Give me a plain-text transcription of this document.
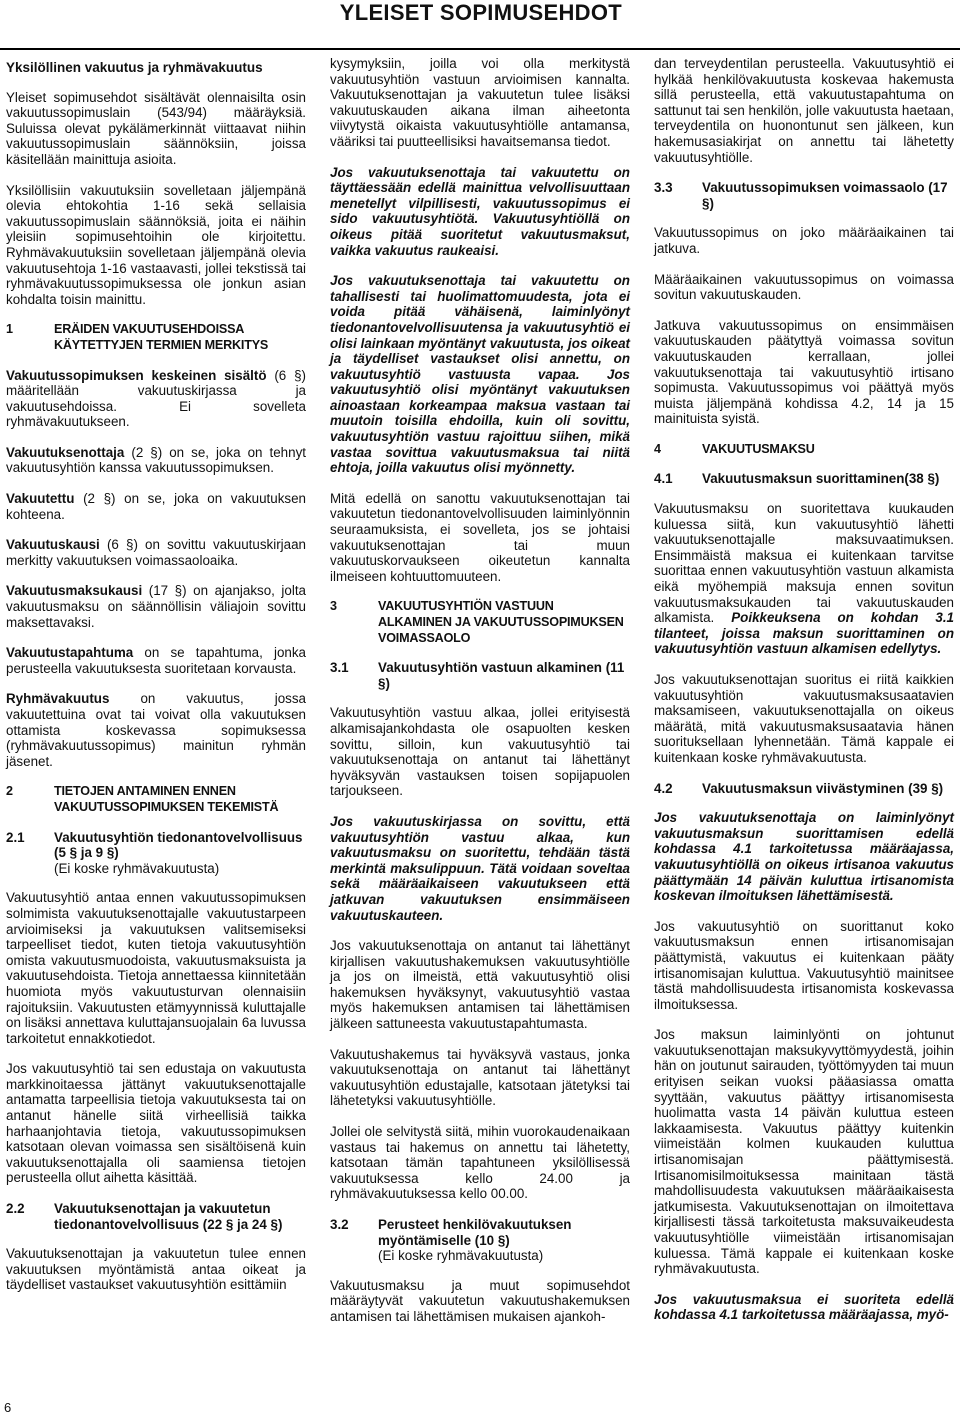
YLEISET SOPIMUSEHDOT
Yksilöllinen vakuutus ja ryhmävakuutus

Yleiset sopimusehdot sisältävät olennaisilta osin vakuutussopimuslain (543/94) määräyksiä. Suluissa olevat pykälämerkinnät viittaavat niihin vakuutussopimuslain säännöksiin, joissa käsitellään mainittuja asioita.

Yksilöllisiin vakuutuksiin sovelletaan jäljempänä olevia ehtokohtia 1-16 sekä sellaisia vakuutussopimuslain säännöksiä, joita ei näihin yleisiin sopimusehtoihin ole kirjoitettu. Ryhmävakuutuksiin sovelletaan jäljempänä olevia vakuutusehtoja 1-16 vastaavasti, jollei tekstissä tai ryhmävakuutussopimuksessa ole jonkun asian kohdalta toisin mainittu.

1	ERÄIDEN VAKUUTUSEHDOISSA KÄYTETTYJEN TERMIEN MERKITYS

Vakuutussopimuksen keskeinen sisältö (6 §) määritellään vakuutuskirjassa ja vakuutusehdoissa. Ei sovelleta ryhmävakuutukseen.

Vakuutuksenottaja (2 §) on se, joka on tehnyt vakuutusyhtiön kanssa vakuutussopimuksen.

Vakuutettu (2 §) on se, joka on vakuutuksen kohteena.

Vakuutuskausi (6 §) on sovittu vakuutuskirjaan merkitty vakuutuksen voimassaoloaika.

Vakuutusmaksukausi (17 §) on ajanjakso, jolta vakuutusmaksu on säännöllisin väliajoin sovittu maksettavaksi.

Vakuutustapahtuma on se tapahtuma, jonka perusteella vakuutuksesta suoritetaan korvausta.

Ryhmävakuutus on vakuutus, jossa vakuutettuina ovat tai voivat olla vakuutuksen ottamista koskevassa sopimuksessa (ryhmävakuutussopimus) mainitun ryhmän jäsenet.

2	TIETOJEN ANTAMINEN ENNEN VAKUUTUSSOPIMUKSEN TEKEMISTÄ
2.1	Vakuutusyhtiön tiedonantovelvollisuus (5 § ja 9 §)
(Ei koske ryhmävakuutusta)

Vakuutusyhtiö antaa ennen vakuutussopimuksen solmimista vakuutuksenottajalle vakuutustarpeen arvioimiseksi ja vakuutuksen valitsemiseksi tarpeelliset tiedot, kuten tietoja vakuutusyhtiön omista vakuutusmuodoista, vakuutusmaksuista ja vakuutusehdoista. Tietoja annettaessa kiinnitetään huomiota myös vakuutusturvan olennaisiin rajoituksiin. Vakuutusten etämyynnissä kuluttajalle on lisäksi annettava kuluttajansuojalain 6a luvussa tarkoitetut ennakkotiedot.

Jos vakuutusyhtiö tai sen edustaja on vakuutusta markkinoitaessa jättänyt vakuutuksenottajalle antamatta tarpeellisia tietoja vakuutuksesta tai on antanut hänelle siitä virheellisiä taikka harhaanjohtavia tietoja, vakuutussopimuksen katsotaan olevan voimassa sen sisältöisenä kuin vakuutuksenottajalla oli saamiensa tietojen perusteella ollut aihetta käsittää.

2.2	Vakuutuksenottajan ja vakuutetun tiedonantovelvollisuus (22 § ja 24 §)

Vakuutuksenottajan ja vakuutetun tulee ennen vakuutuksen myöntämistä antaa oikeat ja täydelliset vastaukset vakuutusyhtiön esittämiin

kysymyksiin, joilla voi olla merkitystä vakuutusyhtiön vastuun arvioimisen kannalta. Vakuutuksenottajan ja vakuutetun tulee lisäksi vakuutuskauden aikana ilman aiheetonta viivytystä oikaista vakuutusyhtiölle antamansa, vääriksi tai puutteellisiksi havaitsemansa tiedot.

Jos vakuutuksenottaja tai vakuutettu on täyttäessään edellä mainittua velvollisuuttaan menetellyt vilpillisesti, vakuutussopimus ei sido vakuutusyhtiötä. Vakuutusyhtiöllä on oikeus pitää suoritetut vakuutusmaksut, vaikka vakuutus raukeaisi.

Jos vakuutuksenottaja tai vakuutettu on tahallisesti tai huolimattomuudesta, jota ei voida pitää vähäisenä, laiminlyönyt tiedonantovelvollisuutensa ja vakuutusyhtiö ei olisi lainkaan myöntänyt vakuutusta, jos oikeat ja täydelliset vastaukset olisi annettu, on vakuutusyhtiö vastuusta vapaa. Jos vakuutusyhtiö olisi myöntänyt vakuutuksen ainoastaan korkeampaa maksua vastaan tai muutoin toisilla ehdoilla, kuin oli sovittu, vakuutusyhtiön vastuu rajoittuu siihen, mikä vastaa sovittua vakuutusmaksua tai niitä ehtoja, joilla vakuutus olisi myönnetty.

Mitä edellä on sanottu vakuutuksenottajan tai vakuutetun tiedonantovelvollisuuden laiminlyönnin seuraamuksista, ei sovelleta, jos se johtaisi vakuutuksenottajan tai muun vakuutuskorvaukseen oikeutetun kannalta ilmeiseen kohtuuttomuuteen.

3	VAKUUTUSYHTIÖN VASTUUN ALKAMINEN JA VAKUUTUSSOPIMUKSEN VOIMASSAOLO
3.1	Vakuutusyhtiön vastuun alkaminen (11 §)

Vakuutusyhtiön vastuu alkaa, jollei erityisestä alkamisajankohdasta ole osapuolten kesken sovittu, silloin, kun vakuutusyhtiö tai vakuutuksenottaja on antanut tai lähettänyt hyväksyvän vastauksen toisen sopijapuolen tarjoukseen.

Jos vakuutuskirjassa on sovittu, että vakuutusyhtiön vastuu alkaa, kun vakuutusmaksu on suoritettu, tehdään tästä merkintä maksulippuun. Tätä voidaan soveltaa sekä määräaikaiseen vakuutukseen että jatkuvan vakuutuksen ensimmäiseen vakuutuskauteen.

Jos vakuutuksenottaja on antanut tai lähettänyt kirjallisen vakuutushakemuksen vakuutusyhtiölle ja jos on ilmeistä, että vakuutusyhtiö olisi hakemuksen hyväksynyt, vakuutusyhtiö vastaa myös hakemuksen antamisen tai lähettämisen jälkeen sattuneesta vakuutustapahtumasta.

Vakuutushakemus tai hyväksyvä vastaus, jonka vakuutuksenottaja on antanut tai lähettänyt vakuutusyhtiön edustajalle, katsotaan jätetyksi tai lähetetyksi vakuutusyhtiölle.

Jollei ole selvitystä siitä, mihin vuorokaudenaikaan vastaus tai hakemus on annettu tai lähetetty, katsotaan tämän tapahtuneen yksilöllisessä vakuutuksessa kello 24.00 ja ryhmävakuutuksessa kello 00.00.

3.2	Perusteet henkilövakuutuksen myöntämiselle (10 §)
(Ei koske ryhmävakuutusta)

Vakuutusmaksu ja muut sopimusehdot määräytyvät vakuutetun vakuutushakemuksen antamisen tai lähettämisen mukaisen ajankoh-

dan terveydentilan perusteella. Vakuutusyhtiö ei hylkää henkilövakuutusta koskevaa hakemusta sillä perusteella, että vakuutustapahtuma on sattunut tai sen henkilön, jolle vakuutusta haetaan, terveydentila on huonontunut sen jälkeen, kun hakemusasiakirjat on annettu tai lähetetty vakuutusyhtiölle.

3.3	Vakuutussopimuksen voimassaolo (17 §)

Vakuutussopimus on joko määräaikainen tai jatkuva.

Määräaikainen vakuutussopimus on voimassa sovitun vakuutuskauden.

Jatkuva vakuutussopimus on ensimmäisen vakuutuskauden päätyttyä voimassa sovitun vakuutuskauden kerrallaan, jollei vakuutuksenottaja tai vakuutusyhtiö irtisano sopimusta. Vakuutussopimus voi päättyä myös muista jäljempänä kohdissa 4.2, 14 ja 15 mainituista syistä.

4	VAKUUTUSMAKSU
4.1	Vakuutusmaksun suorittaminen(38 §)

Vakuutusmaksu on suoritettava kuukauden kuluessa siitä, kun vakuutusyhtiö lähetti vakuutuksenottajalle maksuvaatimuksen. Ensimmäistä maksua ei kuitenkaan tarvitse suorittaa ennen vakuutusyhtiön vastuun alkamista eikä myöhempiä maksuja ennen sovitun vakuutusmaksukauden tai vakuutuskauden alkamista. Poikkeuksena on kohdan 3.1 tilanteet, joissa maksun suorittaminen on vakuutusyhtiön vastuun alkamisen edellytys.

Jos vakuutuksenottajan suoritus ei riitä kaikkien vakuutusyhtiön vakuutusmaksusaatavien maksamiseen, vakuutuksenottajalla on oikeus määrätä, mitä vakuutusmaksusaatavia hänen suorituksellaan lyhennetään. Tämä kappale ei kuitenkaan koske ryhmävakuutusta.

4.2	Vakuutusmaksun viivästyminen (39 §)

Jos vakuutuksenottaja on laiminlyönyt vakuutusmaksun suorittamisen edellä kohdassa 4.1 tarkoitetussa määräajassa, vakuutusyhtiöllä on oikeus irtisanoa vakuutus päättymään 14 päivän kuluttua irtisanomista koskevan ilmoituksen lähettämisestä.

Jos vakuutusyhtiö on suorittanut koko vakuutusmaksun ennen irtisanomisajan päättymistä, vakuutus ei kuitenkaan pääty irtisanomisajan kuluttua. Vakuutusyhtiö mainitsee tästä mahdollisuudesta irtisanomista koskevassa ilmoituksessa.

Jos maksun laiminlyönti on johtunut vakuutuksenottajan maksukyvyttömyydestä, joihin hän on joutunut sairauden, työttömyyden tai muun erityisen seikan vuoksi pääasiassa omatta syyttään, vakuutus päättyy irtisanomisesta huolimatta vasta 14 päivän kuluttua esteen lakkaamisesta. Vakuutus päättyy kuitenkin viimeistään kolmen kuukauden kuluttua irtisanomisajan päättymisestä. Irtisanomisilmoituksessa mainitaan tästä mahdollisuudesta vakuutuksen määräaikaisesta jatkumisesta. Vakuutuksenottajan on ilmoitettava kirjallisesti tässä tarkoitetusta maksuvaikeudesta vakuutusyhtiölle viimeistään irtisanomisajan kuluessa. Tämä kappale ei kuitenkaan koske ryhmävakuutusta.

Jos vakuutusmaksua ei suoriteta edellä kohdassa 4.1 tarkoitetussa määräajassa, myö-

6
